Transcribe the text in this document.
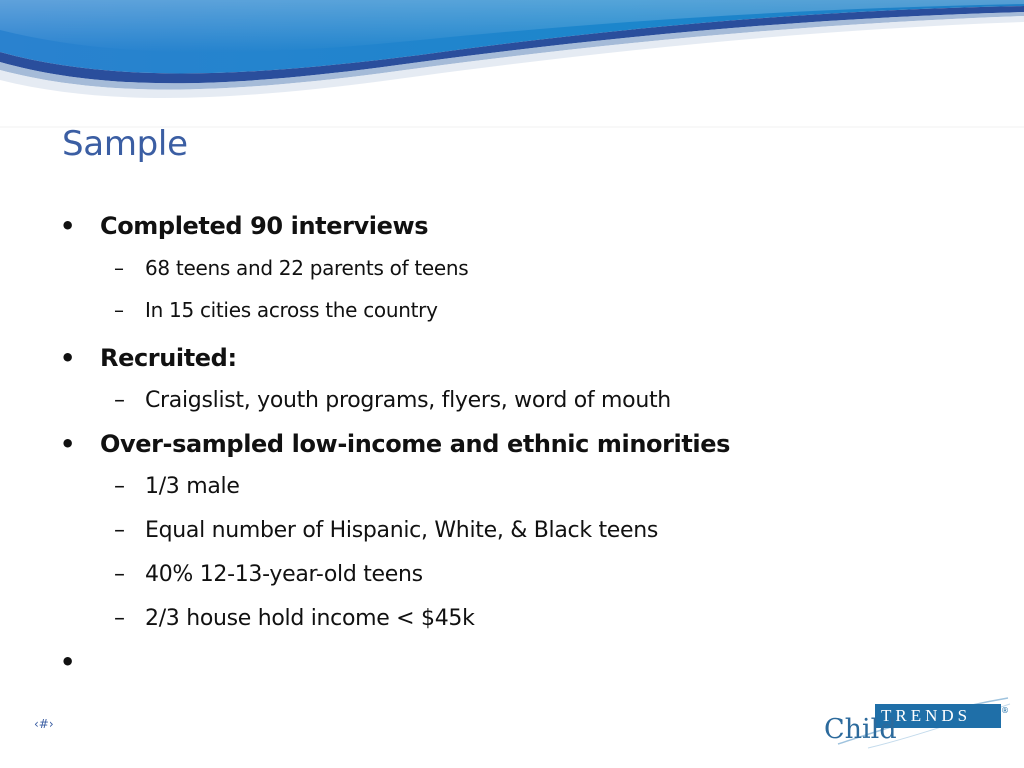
Sample
• Completed 90 interviews
– 68 teens and 22 parents of teens
– In 15 cities across the country
• Recruited:
– Craigslist, youth programs, flyers, word of mouth
• Over-sampled low-income and ethnic minorities
– 1/3 male
– Equal number of Hispanic, White, & Black teens
– 40% 12-13-year-old teens
– 2/3 house hold income < $45k
•
‹#›	TRENDS	®
Child
